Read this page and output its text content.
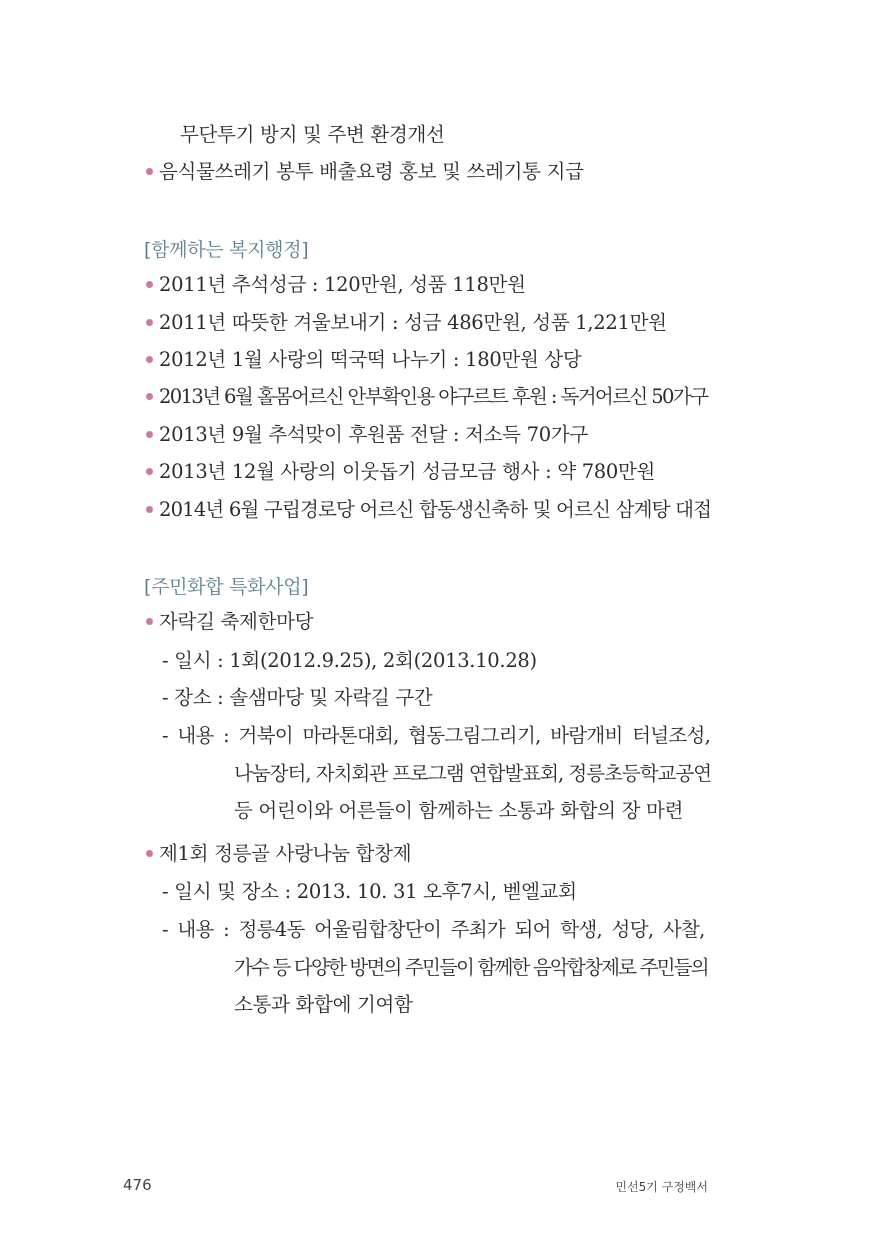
무단투기 방지 및 주변 환경개선
음식물쓰레기 봉투 배출요령 홍보 및 쓰레기통 지급
[함께하는 복지행정]
2011년 추석성금 : 120만원, 성품 118만원
2011년 따뜻한 겨울보내기 : 성금 486만원, 성품 1,221만원
2012년 1월 사랑의 떡국떡 나누기 : 180만원 상당
2013년 6월 홀몸어르신 안부확인용 야구르트 후원 : 독거어르신 50가구
2013년 9월 추석맞이 후원품 전달 : 저소득 70가구
2013년 12월 사랑의 이웃돕기 성금모금 행사 : 약 780만원
2014년 6월 구립경로당 어르신 합동생신축하 및 어르신 삼계탕 대접
[주민화합 특화사업]
자락길 축제한마당
- 일시 : 1회(2012.9.25), 2회(2013.10.28)
- 장소 : 솔샘마당 및 자락길 구간
- 내용 : 거북이 마라톤대회, 협동그림그리기, 바람개비 터널조성,
나눔장터, 자치회관 프로그램 연합발표회, 정릉초등학교공연
등 어린이와 어른들이 함께하는 소통과 화합의 장 마련
제1회 정릉골 사랑나눔 합창제
- 일시 및 장소 : 2013. 10. 31 오후7시, 벧엘교회
- 내용 : 정릉4동 어울림합창단이 주최가 되어 학생, 성당, 사찰,
가수 등 다양한 방면의 주민들이 함께한 음악합창제로 주민들의
소통과 화합에 기여함
476	민선5기 구정백서
